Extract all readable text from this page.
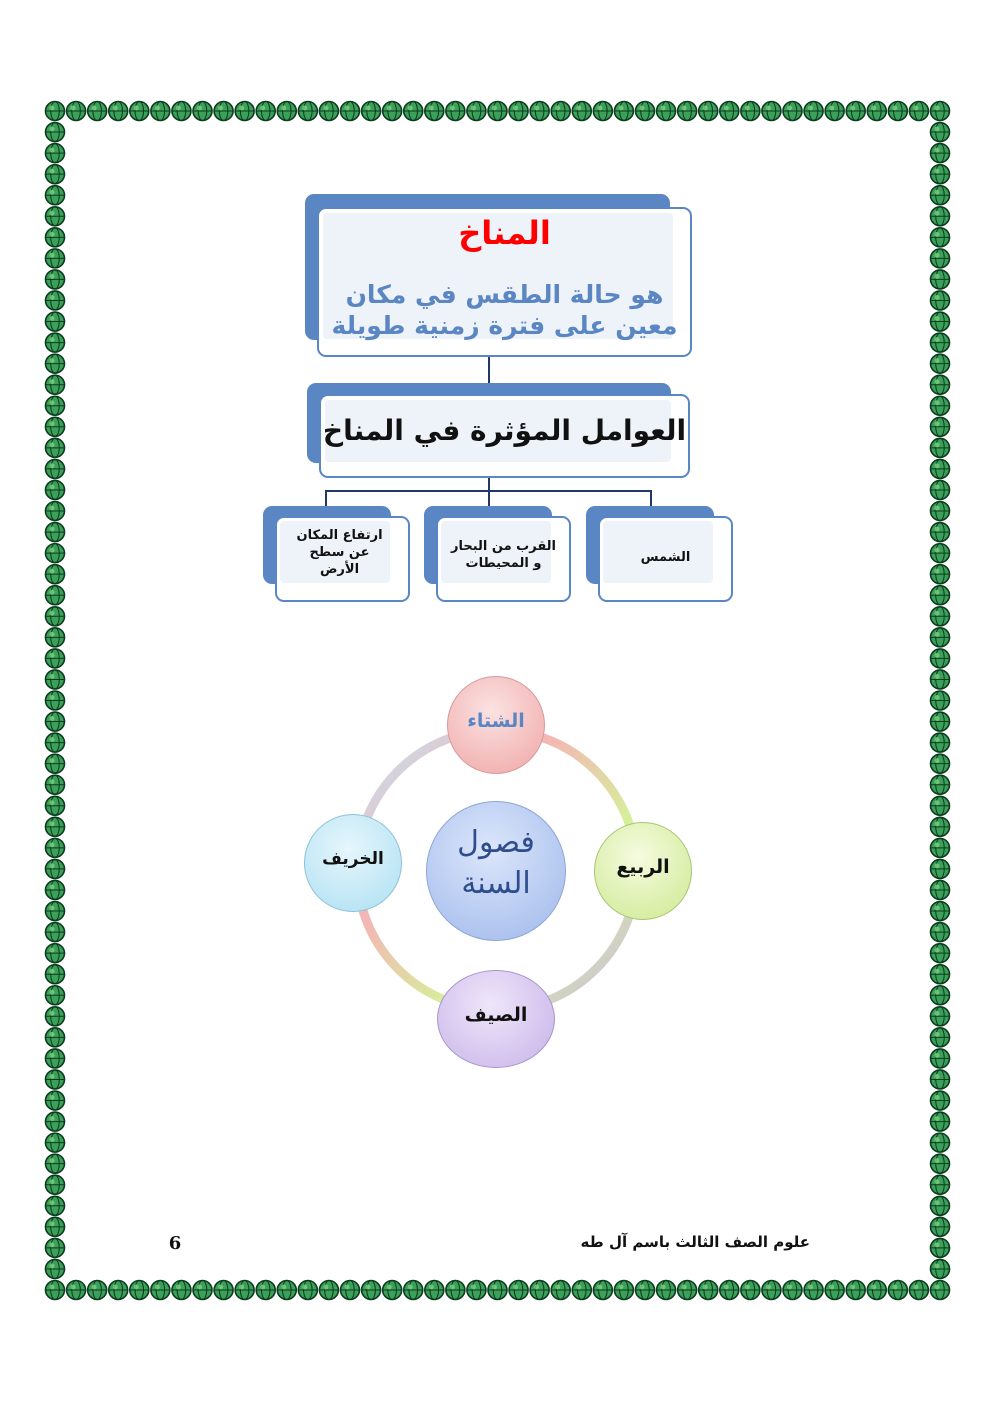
المناخ
هو حالة الطقس في مكان
معين على فترة زمنية طويلة
العوامل المؤثرة في المناخ
الشمس
القرب من البحار
و المحيطات
ارتفاع المكان
عن سطح
الأرض
فصول
السنة
الشتاء
الربيع
الصيف
الخريف
علوم الصف الثالث باسم آل طه
6
